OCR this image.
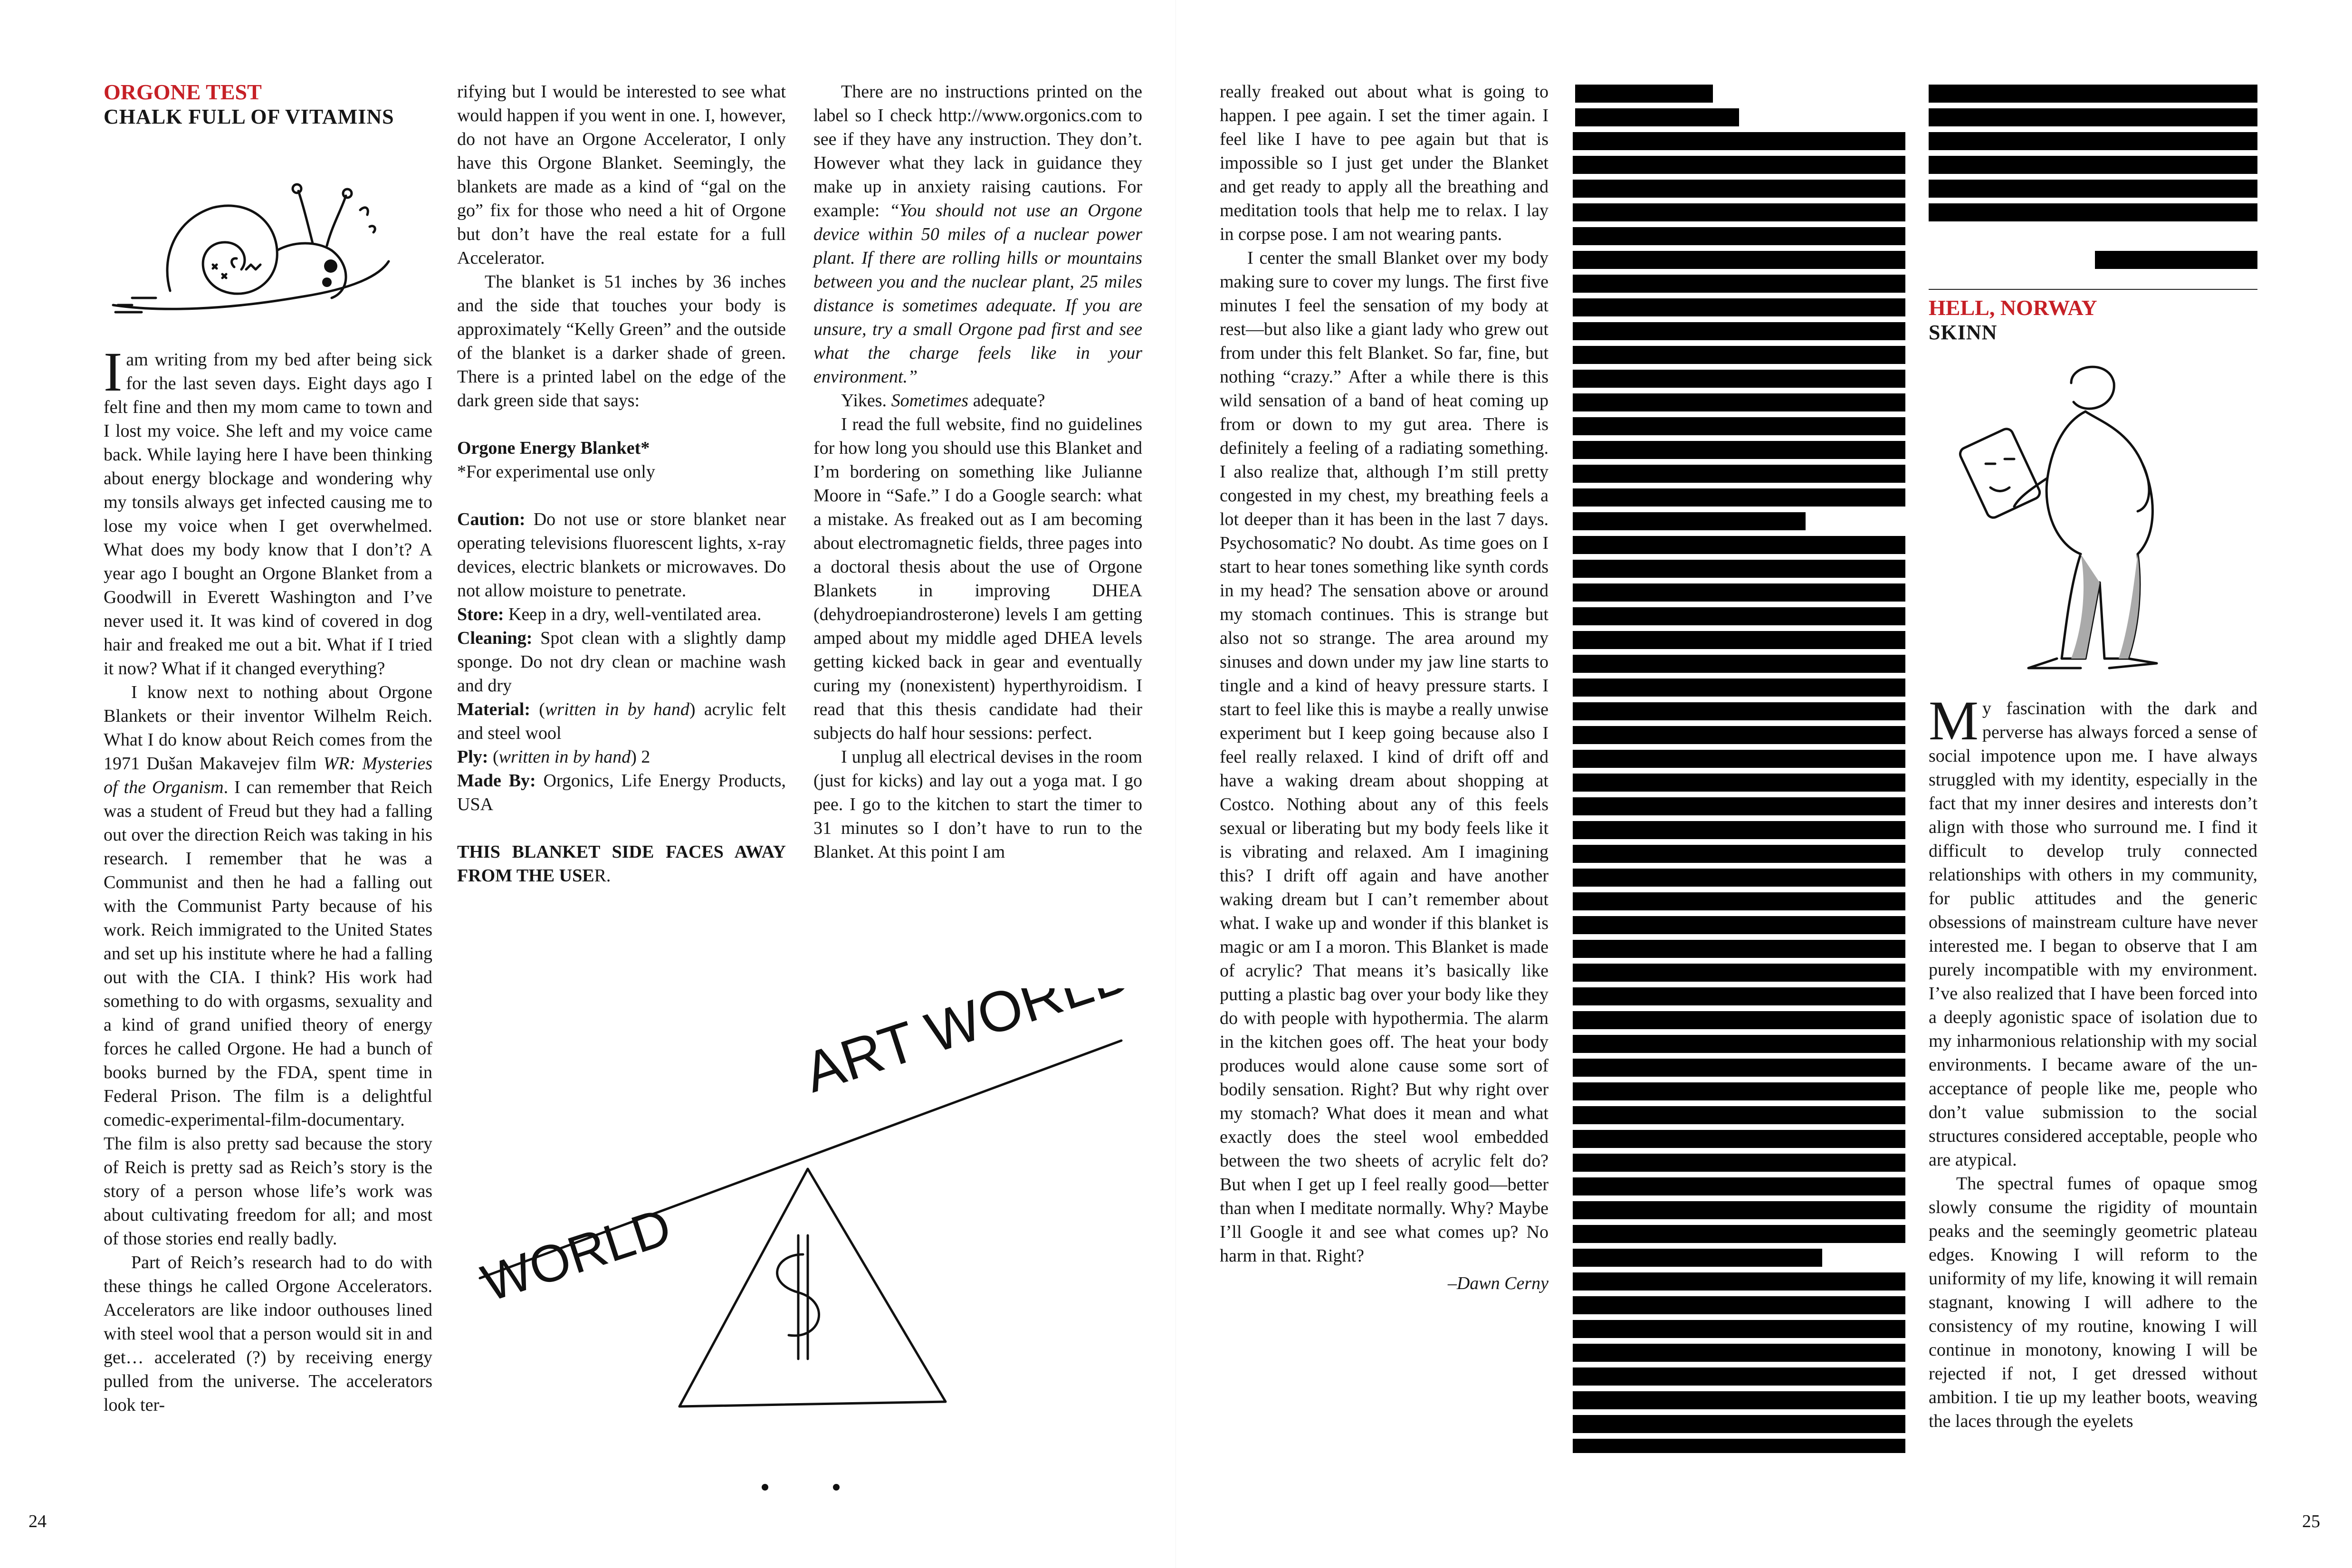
ORGONE TEST
CHALK FULL OF VITAMINS

Iam writing from my bed after being sick for the last seven days. Eight days ago I felt fine and then my mom came to town and I lost my voice. She left and my voice came back. While laying here I have been thinking about energy blockage and wondering why my tonsils always get infected causing me to lose my voice when I get overwhelmed. What does my body know that I don’t? A year ago I bought an Orgone Blanket from a Goodwill in Everett Washington and I’ve never used it. It was kind of covered in dog hair and freaked me out a bit. What if I tried it now? What if it changed everything?

I know next to nothing about Orgone Blankets or their inventor Wilhelm Reich. What I do know about Reich comes from the 1971 Dušan Makavejev film WR: Mysteries of the Organism. I can remember that Reich was a student of Freud but they had a falling out over the direction Reich was taking in his research. I remember that he was a Communist and then he had a falling out with the Communist Party because of his work. Reich immigrated to the United States and set up his institute where he had a falling out with the CIA. I think? His work had something to do with orgasms, sexuality and a kind of grand unified theory of energy forces he called Orgone. He had a bunch of books burned by the FDA, spent time in Federal Prison. The film is a delightful comedic-experimental-film-documentary. The film is also pretty sad because the story of Reich is pretty sad as Reich’s story is the story of a person whose life’s work was about cultivating freedom for all; and most of those stories end really badly.

Part of Reich’s research had to do with these things he called Orgone Accelerators. Accelerators are like indoor outhouses lined with steel wool that a person would sit in and get… accelerated (?) by receiving energy pulled from the universe. The accelerators look ter-

rifying but I would be interested to see what would happen if you went in one. I, however, do not have an Orgone Accelerator, I only have this Orgone Blanket. Seemingly, the blankets are made as a kind of “gal on the go” fix for those who need a hit of Orgone but don’t have the real estate for a full Accelerator.

The blanket is 51 inches by 36 inches and the side that touches your body is approximately “Kelly Green” and the outside of the blanket is a darker shade of green. There is a printed label on the edge of the dark green side that says:

Orgone Energy Blanket*

*For experimental use only

Caution: Do not use or store blanket near operating televisions fluorescent lights, x-ray devices, electric blankets or microwaves. Do not allow moisture to penetrate.

Store: Keep in a dry, well-ventilated area.

Cleaning: Spot clean with a slightly damp sponge. Do not dry clean or machine wash and dry

Material: (written in by hand) acrylic felt and steel wool

Ply: (written in by hand) 2

Made By: Orgonics, Life Energy Products, USA

THIS BLANKET SIDE FACES AWAY FROM THE USER.

There are no instructions printed on the label so I check http://www.orgonics.com to see if they have any instruction. They don’t. However what they lack in guidance they make up in anxiety raising cautions. For example: “You should not use an Orgone device within 50 miles of a nuclear power plant. If there are rolling hills or mountains between you and the nuclear plant, 25 miles distance is sometimes adequate. If you are unsure, try a small Orgone pad first and see what the charge feels like in your environment.”

Yikes. Sometimes adequate?

I read the full website, find no guidelines for how long you should use this Blanket and I’m bordering on something like Julianne Moore in “Safe.” I do a Google search: what a mistake. As freaked out as I am becoming about electromagnetic fields, three pages into a doctoral thesis about the use of Orgone Blankets in improving DHEA (dehydroepiandrosterone) levels I am getting amped about my middle aged DHEA levels getting kicked back in gear and eventually curing my (nonexistent) hyperthyroidism. I read that this thesis candidate had their subjects do half hour sessions: perfect.

I unplug all electrical devises in the room (just for kicks) and lay out a yoga mat. I go pee. I go to the kitchen to start the timer to 31 minutes so I don’t have to run to the Blanket. At this point I am

ART WORLD
WORLD
24

really freaked out about what is going to happen. I pee again. I set the timer again. I feel like I have to pee again but that is impossible so I just get under the Blanket and get ready to apply all the breathing and meditation tools that help me to relax. I lay in corpse pose. I am not wearing pants.

I center the small Blanket over my body making sure to cover my lungs. The first five minutes I feel the sensation of my body at rest—but also like a giant lady who grew out from under this felt Blanket. So far, fine, but nothing “crazy.” After a while there is this wild sensation of a band of heat coming up from or down to my gut area. There is definitely a feeling of a radiating something. I also realize that, although I’m still pretty congested in my chest, my breathing feels a lot deeper than it has been in the last 7 days. Psychosomatic? No doubt. As time goes on I start to hear tones something like synth cords in my head? The sensation above or around my stomach continues. This is strange but also not so strange. The area around my sinuses and down under my jaw line starts to tingle and a kind of heavy pressure starts. I start to feel like this is maybe a really unwise experiment but I keep going because also I feel really relaxed. I kind of drift off and have a waking dream about shopping at Costco. Nothing about any of this feels sexual or liberating but my body feels like it is vibrating and relaxed. Am I imagining this? I drift off again and have another waking dream but I can’t remember about what. I wake up and wonder if this blanket is magic or am I a moron. This Blanket is made of acrylic? That means it’s basically like putting a plastic bag over your body like they do with people with hypothermia. The alarm in the kitchen goes off. The heat your body produces would alone cause some sort of bodily sensation. Right? But why right over my stomach? What does it mean and what exactly does the steel wool embedded between the two sheets of acrylic felt do? But when I get up I feel really good—better than when I meditate normally. Why? Maybe I’ll Google it and see what comes up? No harm in that. Right?

–Dawn Cerny
HELL, NORWAY
SKINN

My fascination with the dark and perverse has always forced a sense of social impotence upon me. I have always struggled with my identity, especially in the fact that my inner desires and interests don’t align with those who surround me. I find it difficult to develop truly connected relationships with others in my community, for public attitudes and the generic obsessions of mainstream culture have never interested me. I began to observe that I am purely incompatible with my environment. I’ve also realized that I have been forced into a deeply agonistic space of isolation due to my inharmonious relationship with my social environments. I became aware of the un-acceptance of people like me, people who don’t value submission to the social structures considered acceptable, people who are atypical.

The spectral fumes of opaque smog slowly consume the rigidity of mountain peaks and the seemingly geometric plateau edges. Knowing I will reform to the uniformity of my life, knowing it will remain stagnant, knowing I will adhere to the consistency of my routine, knowing I will continue in monotony, knowing I will be rejected if not, I get dressed without ambition. I tie up my leather boots, weaving the laces through the eyelets

25
